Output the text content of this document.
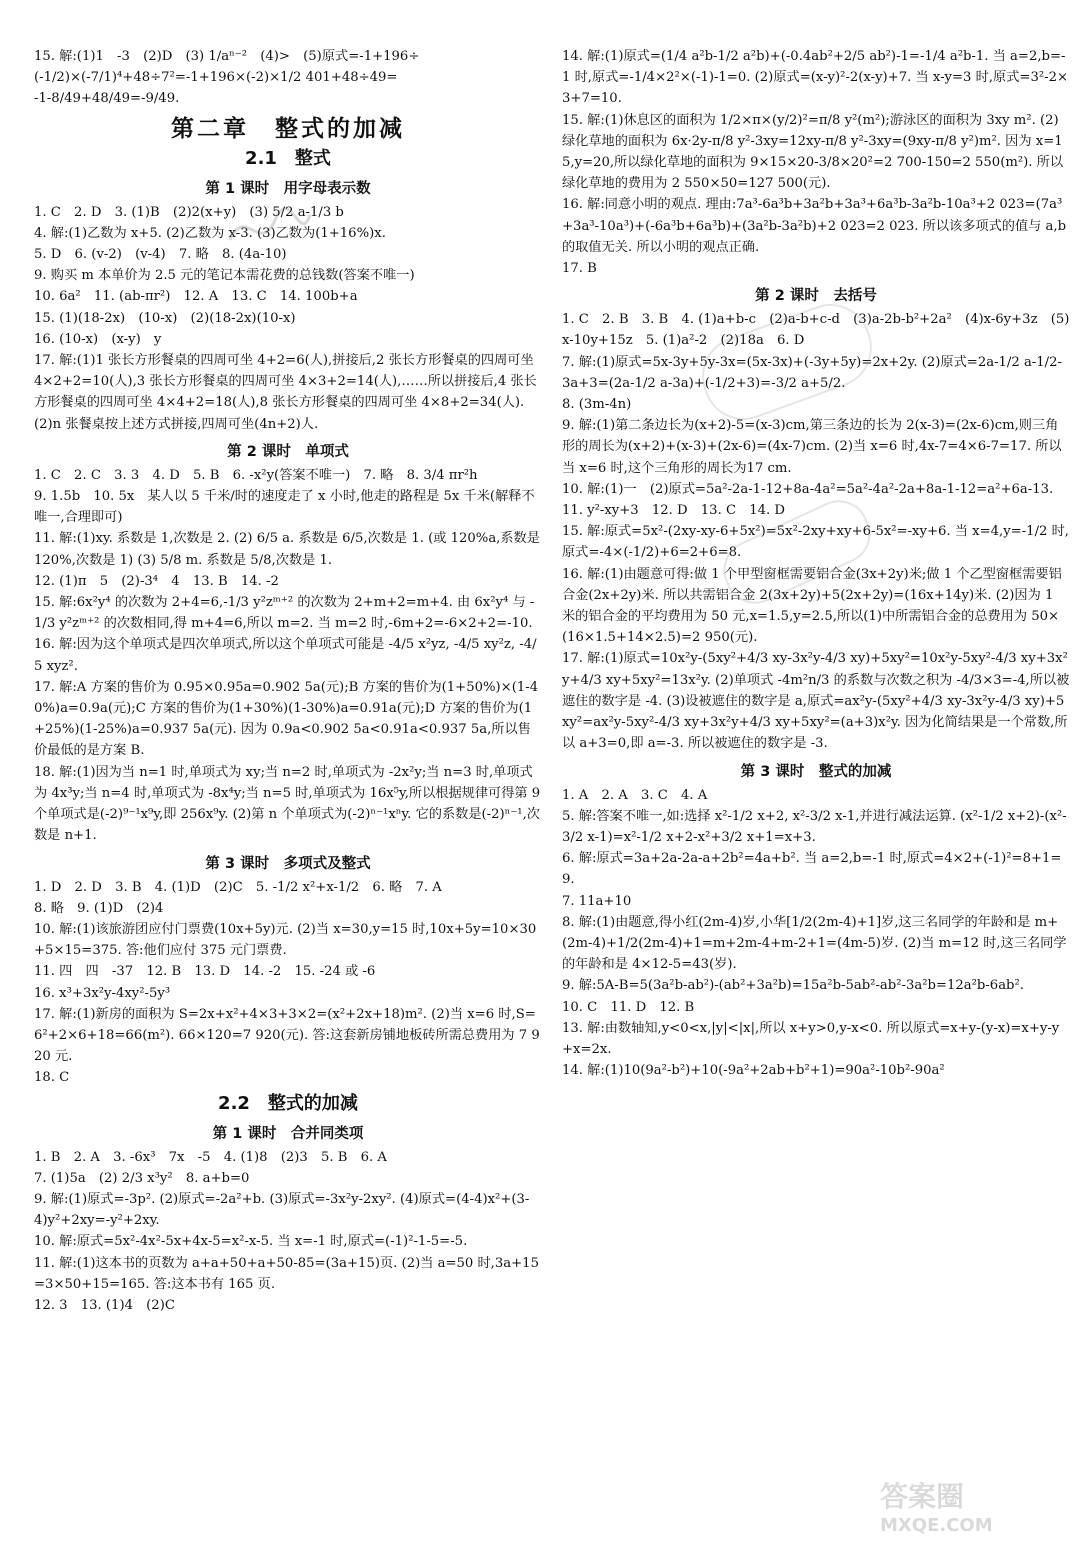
15. 解:(1)1　-3　(2)D　(3) 1/aⁿ⁻²　(4)>　(5)原式=-1+196÷
(-1/2)×(-7/1)⁴+48÷7²=-1+196×(-2)×1/2 401+48÷49=
-1-8/49+48/49=-9/49.
第二章　整式的加减
2.1　整式
第 1 课时　用字母表示数
1. C　2. D　3. (1)B　(2)2(x+y)　(3) 5/2 a-1/3 b
4. 解:(1)乙数为 x+5. (2)乙数为 x-3. (3)乙数为(1+16%)x.
5. D　6. (v-2)　(v-4)　7. 略　8. (4a-10)
9. 购买 m 本单价为 2.5 元的笔记本需花费的总钱数(答案不唯一)
10. 6a²　11. (ab-πr²)　12. A　13. C　14. 100b+a
15. (1)(18-2x)　(10-x)　(2)(18-2x)(10-x)
16. (10-x)　(x-y)　y
17. 解:(1)1 张长方形餐桌的四周可坐 4+2=6(人),拼接后,2 张长方形餐桌的四周可坐 4×2+2=10(人),3 张长方形餐桌的四周可坐 4×3+2=14(人),……所以拼接后,4 张长方形餐桌的四周可坐 4×4+2=18(人),8 张长方形餐桌的四周可坐 4×8+2=34(人). (2)n 张餐桌按上述方式拼接,四周可坐(4n+2)人.
第 2 课时　单项式
1. C　2. C　3. 3　4. D　5. B　6. -x²y(答案不唯一)　7. 略　8. 3/4 πr²h
9. 1.5b　10. 5x　某人以 5 千米/时的速度走了 x 小时,他走的路程是 5x 千米(解释不唯一,合理即可)
11. 解:(1)xy. 系数是 1,次数是 2. (2) 6/5 a. 系数是 6/5,次数是 1. (或 120%a,系数是 120%,次数是 1) (3) 5/8 m. 系数是 5/8,次数是 1.
12. (1)π　5　(2)-3⁴　4　13. B　14. -2
15. 解:6x²y⁴ 的次数为 2+4=6,-1/3 y²zᵐ⁺² 的次数为 2+m+2=m+4. 由 6x²y⁴ 与 -1/3 y²zᵐ⁺² 的次数相同,得 m+4=6,所以 m=2. 当 m=2 时,-6m+2=-6×2+2=-10.
16. 解:因为这个单项式是四次单项式,所以这个单项式可能是 -4/5 x²yz, -4/5 xy²z, -4/5 xyz².
17. 解:A 方案的售价为 0.95×0.95a=0.902 5a(元);B 方案的售价为(1+50%)×(1-40%)a=0.9a(元);C 方案的售价为(1+30%)(1-30%)a=0.91a(元);D 方案的售价为(1+25%)(1-25%)a=0.937 5a(元). 因为 0.9a<0.902 5a<0.91a<0.937 5a,所以售价最低的是方案 B.
18. 解:(1)因为当 n=1 时,单项式为 xy;当 n=2 时,单项式为 -2x²y;当 n=3 时,单项式为 4x³y;当 n=4 时,单项式为 -8x⁴y;当 n=5 时,单项式为 16x⁵y,所以根据规律可得第 9 个单项式是(-2)⁹⁻¹x⁹y,即 256x⁹y. (2)第 n 个单项式为(-2)ⁿ⁻¹xⁿy. 它的系数是(-2)ⁿ⁻¹,次数是 n+1.
第 3 课时　多项式及整式
1. D　2. D　3. B　4. (1)D　(2)C　5. -1/2 x²+x-1/2　6. 略　7. A
8. 略　9. (1)D　(2)4
10. 解:(1)该旅游团应付门票费(10x+5y)元. (2)当 x=30,y=15 时,10x+5y=10×30+5×15=375. 答:他们应付 375 元门票费.
11. 四　四　-37　12. B　13. D　14. -2　15. -24 或 -6
16. x³+3x²y-4xy²-5y³
17. 解:(1)新房的面积为 S=2x+x²+4×3+3×2=(x²+2x+18)m². (2)当 x=6 时,S=6²+2×6+18=66(m²). 66×120=7 920(元). 答:这套新房铺地板砖所需总费用为 7 920 元.
18. C
2.2　整式的加减
第 1 课时　合并同类项
1. B　2. A　3. -6x³　7x　-5　4. (1)8　(2)3　5. B　6. A
7. (1)5a　(2) 2/3 x³y²　8. a+b=0
9. 解:(1)原式=-3p². (2)原式=-2a²+b. (3)原式=-3x²y-2xy². (4)原式=(4-4)x²+(3-4)y²+2xy=-y²+2xy.
10. 解:原式=5x²-4x²-5x+4x-5=x²-x-5. 当 x=-1 时,原式=(-1)²-1-5=-5.
11. 解:(1)这本书的页数为 a+a+50+a+50-85=(3a+15)页. (2)当 a=50 时,3a+15=3×50+15=165. 答:这本书有 165 页.
12. 3　13. (1)4　(2)C
14. 解:(1)原式=(1/4 a²b-1/2 a²b)+(-0.4ab²+2/5 ab²)-1=-1/4 a²b-1. 当 a=2,b=-1 时,原式=-1/4×2²×(-1)-1=0. (2)原式=(x-y)²-2(x-y)+7. 当 x-y=3 时,原式=3²-2×3+7=10.
15. 解:(1)休息区的面积为 1/2×π×(y/2)²=π/8 y²(m²);游泳区的面积为 3xy m². (2)绿化草地的面积为 6x·2y-π/8 y²-3xy=12xy-π/8 y²-3xy=(9xy-π/8 y²)m². 因为 x=15,y=20,所以绿化草地的面积为 9×15×20-3/8×20²=2 700-150=2 550(m²). 所以绿化草地的费用为 2 550×50=127 500(元).
16. 解:同意小明的观点. 理由:7a³-6a³b+3a²b+3a³+6a³b-3a²b-10a³+2 023=(7a³+3a³-10a³)+(-6a³b+6a³b)+(3a²b-3a²b)+2 023=2 023. 所以该多项式的值与 a,b 的取值无关. 所以小明的观点正确.
17. B
第 2 课时　去括号
1. C　2. B　3. B　4. (1)a+b-c　(2)a-b+c-d　(3)a-2b-b²+2a²　(4)x-6y+3z　(5)x-10y+15z　5. (1)a²-2　(2)18a　6. D
7. 解:(1)原式=5x-3y+5y-3x=(5x-3x)+(-3y+5y)=2x+2y. (2)原式=2a-1/2 a-1/2-3a+3=(2a-1/2 a-3a)+(-1/2+3)=-3/2 a+5/2.
8. (3m-4n)
9. 解:(1)第二条边长为(x+2)-5=(x-3)cm,第三条边的长为 2(x-3)=(2x-6)cm,则三角形的周长为(x+2)+(x-3)+(2x-6)=(4x-7)cm. (2)当 x=6 时,4x-7=4×6-7=17. 所以当 x=6 时,这个三角形的周长为17 cm.
10. 解:(1)一　(2)原式=5a²-2a-1-12+8a-4a²=5a²-4a²-2a+8a-1-12=a²+6a-13.
11. y²-xy+3　12. D　13. C　14. D
15. 解:原式=5x²-(2xy-xy-6+5x²)=5x²-2xy+xy+6-5x²=-xy+6. 当 x=4,y=-1/2 时,原式=-4×(-1/2)+6=2+6=8.
16. 解:(1)由题意可得:做 1 个甲型窗框需要铝合金(3x+2y)米;做 1 个乙型窗框需要铝合金(2x+2y)米. 所以共需铝合金 2(3x+2y)+5(2x+2y)=(16x+14y)米. (2)因为 1 米的铝合金的平均费用为 50 元,x=1.5,y=2.5,所以(1)中所需铝合金的总费用为 50×(16×1.5+14×2.5)=2 950(元).
17. 解:(1)原式=10x²y-(5xy²+4/3 xy-3x²y-4/3 xy)+5xy²=10x²y-5xy²-4/3 xy+3x²y+4/3 xy+5xy²=13x²y. (2)单项式 -4m²n/3 的系数与次数之积为 -4/3×3=-4,所以被遮住的数字是 -4. (3)设被遮住的数字是 a,原式=ax²y-(5xy²+4/3 xy-3x²y-4/3 xy)+5xy²=ax²y-5xy²-4/3 xy+3x²y+4/3 xy+5xy²=(a+3)x²y. 因为化简结果是一个常数,所以 a+3=0,即 a=-3. 所以被遮住的数字是 -3.
第 3 课时　整式的加减
1. A　2. A　3. C　4. A
5. 解:答案不唯一,如:选择 x²-1/2 x+2, x²-3/2 x-1,并进行减法运算. (x²-1/2 x+2)-(x²-3/2 x-1)=x²-1/2 x+2-x²+3/2 x+1=x+3.
6. 解:原式=3a+2a-2a-a+2b²=4a+b². 当 a=2,b=-1 时,原式=4×2+(-1)²=8+1=9.
7. 11a+10
8. 解:(1)由题意,得小红(2m-4)岁,小华[1/2(2m-4)+1]岁,这三名同学的年龄和是 m+(2m-4)+1/2(2m-4)+1=m+2m-4+m-2+1=(4m-5)岁. (2)当 m=12 时,这三名同学的年龄和是 4×12-5=43(岁).
9. 解:5A-B=5(3a²b-ab²)-(ab²+3a²b)=15a²b-5ab²-ab²-3a²b=12a²b-6ab².
10. C　11. D　12. B
13. 解:由数轴知,y<0<x,|y|<|x|,所以 x+y>0,y-x<0. 所以原式=x+y-(y-x)=x+y-y+x=2x.
14. 解:(1)10(9a²-b²)+10(-9a²+2ab+b²+1)=90a²-10b²-90a²
答案圈
MXQE.COM
